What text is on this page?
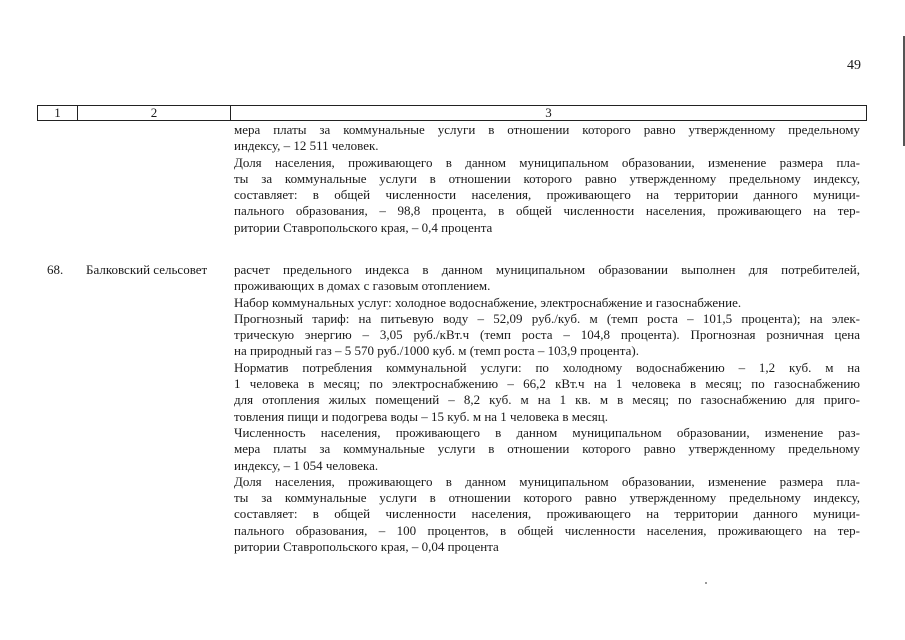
49
1	2	3

мера платы за коммунальные услуги в отношении которого равно утвержденному предельному
индексу, – 12 511 человек.

Доля населения, проживающего в данном муниципальном образовании, изменение размера пла-
ты за коммунальные услуги в отношении которого равно утвержденному предельному индексу,
составляет: в общей численности населения, проживающего на территории данного муници-
пального образования, – 98,8 процента, в общей численности населения, проживающего на тер-
ритории Ставропольского края, – 0,4 процента

68. Балковский сельсовет расчет предельного индекса в данном муниципальном образовании выполнен для потребителей,
проживающих в домах с газовым отоплением.

Набор коммунальных услуг: холодное водоснабжение, электроснабжение и газоснабжение.

Прогнозный тариф: на питьевую воду – 52,09 руб./куб. м (темп роста – 101,5 процента); на элек-
трическую энергию – 3,05 руб./кВт.ч (темп роста – 104,8 процента). Прогнозная розничная цена
на природный газ – 5 570 руб./1000 куб. м (темп роста – 103,9 процента).

Норматив потребления коммунальной услуги: по холодному водоснабжению – 1,2 куб. м на
1 человека в месяц; по электроснабжению – 66,2 кВт.ч на 1 человека в месяц; по газоснабжению
для отопления жилых помещений – 8,2 куб. м на 1 кв. м в месяц; по газоснабжению для приго-
товления пищи и подогрева воды – 15 куб. м на 1 человека в месяц.

Численность населения, проживающего в данном муниципальном образовании, изменение раз-
мера платы за коммунальные услуги в отношении которого равно утвержденному предельному
индексу, – 1 054 человека.

Доля населения, проживающего в данном муниципальном образовании, изменение размера пла-
ты за коммунальные услуги в отношении которого равно утвержденному предельному индексу,
составляет: в общей численности населения, проживающего на территории данного муници-
пального образования, – 100 процентов, в общей численности населения, проживающего на тер-
ритории Ставропольского края, – 0,04 процента
